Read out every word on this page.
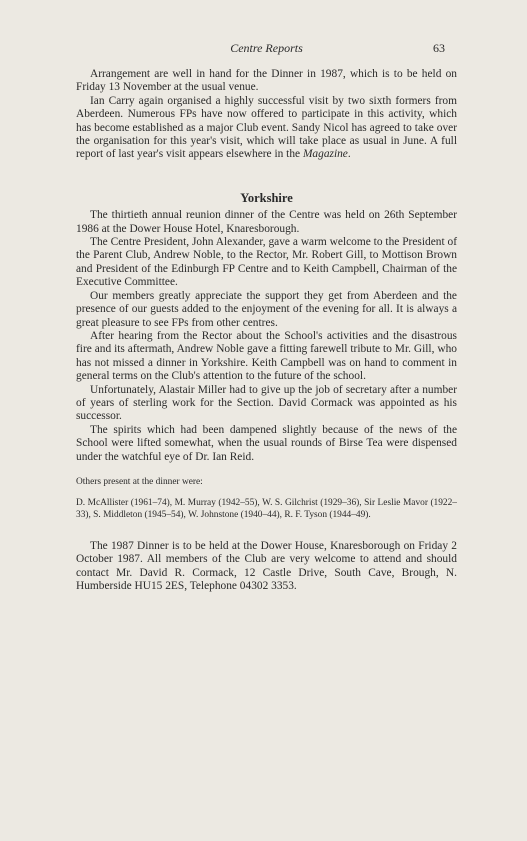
Centre Reports	63

Arrangement are well in hand for the Dinner in 1987, which is to be held on Friday 13 November at the usual venue.

Ian Carry again organised a highly successful visit by two sixth formers from Aberdeen. Numerous FPs have now offered to participate in this activity, which has become established as a major Club event. Sandy Nicol has agreed to take over the organisation for this year's visit, which will take place as usual in June. A full report of last year's visit appears elsewhere in the Magazine.

Yorkshire

The thirtieth annual reunion dinner of the Centre was held on 26th September 1986 at the Dower House Hotel, Knaresborough.

The Centre President, John Alexander, gave a warm welcome to the President of the Parent Club, Andrew Noble, to the Rector, Mr. Robert Gill, to Mottison Brown and President of the Edinburgh FP Centre and to Keith Campbell, Chairman of the Executive Committee.

Our members greatly appreciate the support they get from Aberdeen and the presence of our guests added to the enjoyment of the evening for all. It is always a great pleasure to see FPs from other centres.

After hearing from the Rector about the School's activities and the disastrous fire and its aftermath, Andrew Noble gave a fitting farewell tribute to Mr. Gill, who has not missed a dinner in Yorkshire. Keith Campbell was on hand to comment in general terms on the Club's attention to the future of the school.

Unfortunately, Alastair Miller had to give up the job of secretary after a number of years of sterling work for the Section. David Cormack was appointed as his successor.

The spirits which had been dampened slightly because of the news of the School were lifted somewhat, when the usual rounds of Birse Tea were dispensed under the watchful eye of Dr. Ian Reid.

Others present at the dinner were:

D. McAllister (1961–74), M. Murray (1942–55), W. S. Gilchrist (1929–36), Sir Leslie Mavor (1922–33), S. Middleton (1945–54), W. Johnstone (1940–44), R. F. Tyson (1944–49).

The 1987 Dinner is to be held at the Dower House, Knaresborough on Friday 2 October 1987. All members of the Club are very welcome to attend and should contact Mr. David R. Cormack, 12 Castle Drive, South Cave, Brough, N. Humberside HU15 2ES, Telephone 04302 3353.
